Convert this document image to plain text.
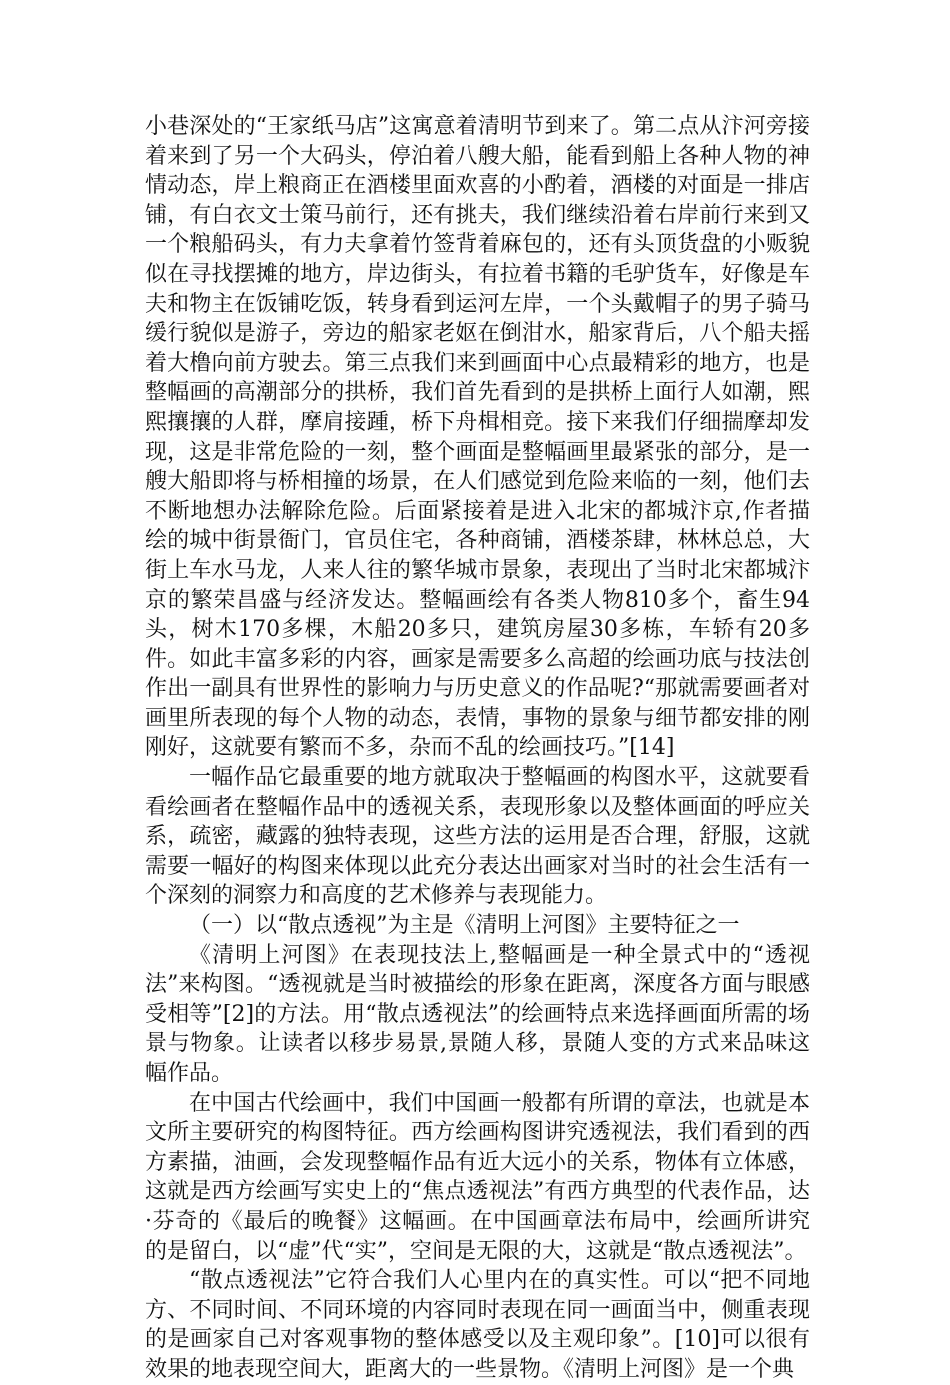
小巷深处的“王家纸马店”这寓意着清明节到来了。第二点从汴河旁接着来到了另一个大码头，停泊着八艘大船，能看到船上各种人物的神情动态，岸上粮商正在酒楼里面欢喜的小酌着，酒楼的对面是一排店铺，有白衣文士策马前行，还有挑夫，我们继续沿着右岸前行来到又一个粮船码头，有力夫拿着竹签背着麻包的，还有头顶货盘的小贩貌似在寻找摆摊的地方，岸边街头，有拉着书籍的毛驴货车，好像是车夫和物主在饭铺吃饭，转身看到运河左岸，一个头戴帽子的男子骑马缓行貌似是游子，旁边的船家老妪在倒泔水，船家背后，八个船夫摇着大橹向前方驶去。第三点我们来到画面中心点最精彩的地方，也是整幅画的高潮部分的拱桥，我们首先看到的是拱桥上面行人如潮，熙熙攘攘的人群，摩肩接踵，桥下舟楫相竞。接下来我们仔细揣摩却发现，这是非常危险的一刻，整个画面是整幅画里最紧张的部分，是一艘大船即将与桥相撞的场景，在人们感觉到危险来临的一刻，他们去不断地想办法解除危险。后面紧接着是进入北宋的都城汴京,作者描绘的城中街景衙门，官员住宅，各种商铺，酒楼茶肆，林林总总，大街上车水马龙，人来人往的繁华城市景象，表现出了当时北宋都城汴京的繁荣昌盛与经济发达。整幅画绘有各类人物810多个，畜生94头，树木170多棵，木船20多只，建筑房屋30多栋，车轿有20多件。如此丰富多彩的内容，画家是需要多么高超的绘画功底与技法创作出一副具有世界性的影响力与历史意义的作品呢?“那就需要画者对画里所表现的每个人物的动态，表情，事物的景象与细节都安排的刚刚好，这就要有繁而不多，杂而不乱的绘画技巧。”[14]

一幅作品它最重要的地方就取决于整幅画的构图水平，这就要看看绘画者在整幅作品中的透视关系，表现形象以及整体画面的呼应关系，疏密，藏露的独特表现，这些方法的运用是否合理，舒服，这就需要一幅好的构图来体现以此充分表达出画家对当时的社会生活有一个深刻的洞察力和高度的艺术修养与表现能力。

（一）以“散点透视”为主是《清明上河图》主要特征之一

《清明上河图》在表现技法上,整幅画是一种全景式中的“透视法”来构图。“透视就是当时被描绘的形象在距离，深度各方面与眼感受相等”[2]的方法。用“散点透视法”的绘画特点来选择画面所需的场景与物象。让读者以移步易景,景随人移，景随人变的方式来品味这幅作品。

在中国古代绘画中，我们中国画一般都有所谓的章法，也就是本文所主要研究的构图特征。西方绘画构图讲究透视法，我们看到的西方素描，油画，会发现整幅作品有近大远小的关系，物体有立体感，这就是西方绘画写实史上的“焦点透视法”有西方典型的代表作品，达·芬奇的《最后的晚餐》这幅画。在中国画章法布局中，绘画所讲究的是留白，以“虚”代“实”，空间是无限的大，这就是“散点透视法”。

“散点透视法”它符合我们人心里内在的真实性。可以“把不同地方、不同时间、不同环境的内容同时表现在同一画面当中，侧重表现的是画家自己对客观事物的整体感受以及主观印象”。[10]可以很有效果的地表现空间大，距离大的一些景物。《清明上河图》是一个典
